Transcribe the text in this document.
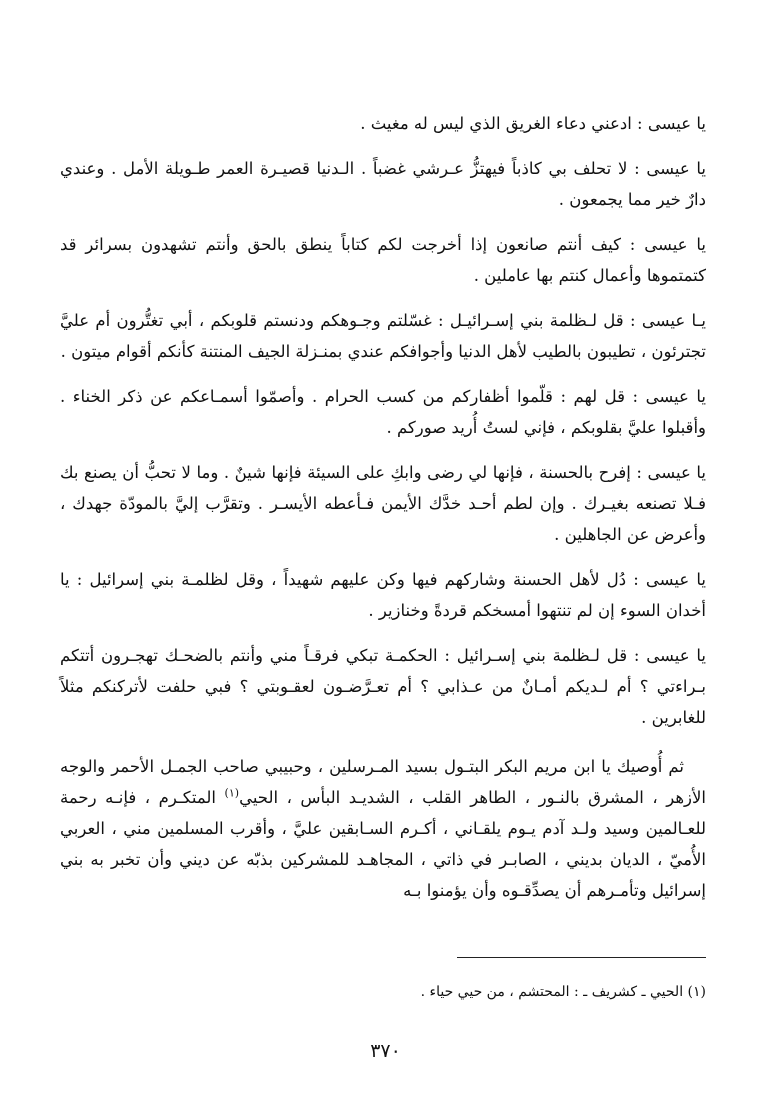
يا عيسى : ادعني دعاء الغريق الذي ليس له مغيث .

يا عيسى : لا تحلف بي كاذباً فيهتزُّ عـرشي غضباً . الـدنيا قصيـرة العمر طـويلة الأمل . وعندي دارٌ خير مما يجمعون .

يا عيسى : كيف أنتم صانعون إذا أخرجت لكم كتاباً ينطق بالحق وأنتم تشهدون بسرائر قد كتمتموها وأعمال كنتم بها عاملين .

يـا عيسى : قل لـظلمة بني إسـرائيـل : غسّلتم وجـوهكم ودنستم قلوبكم ، أبي تغتُّرون أم عليَّ تجترئون ، تطيبون بالطيب لأهل الدنيا وأجوافكم عندي بمنـزلة الجيف المنتنة كأنكم أقوام ميتون .

يا عيسى : قل لهم : قلّموا أظفاركم من كسب الحرام . وأصمّوا أسمـاعكم عن ذكر الخناء . وأقبلوا عليَّ بقلوبكم ، فإني لستُ أُريد صوركم .

يا عيسى : إفرح بالحسنة ، فإنها لي رضى وابكِ على السيئة فإنها شينٌ . وما لا تحبُّ أن يصنع بك فـلا تصنعه بغيـرك . وإن لطم أحـد خدَّك الأيمن فـأعطه الأيسـر . وتقرَّب إليَّ بالمودّة جهدك ، وأعرض عن الجاهلين .

يا عيسى : دُل لأهل الحسنة وشاركهم فيها وكن عليهم شهيداً ، وقل لظلمـة بني إسرائيل : يا أخدان السوء إن لم تنتهوا أمسخكم قردةً وخنازير .

يا عيسى : قل لـظلمة بني إسـرائيل : الحكمـة تبكي فرقـاً مني وأنتم بالضحـك تهجـرون أتتكم بـراءتي ؟ أم لـديكم أمـانٌ من عـذابي ؟ أم تعـرَّضـون لعقـوبتي ؟ فبي حلفت لأتركنكم مثلاً للغابرين .

ثم أُوصيك يا ابن مريم البكر البتـول بسيد المـرسلين ، وحبيبي صاحب الجمـل الأحمر والوجه الأزهر ، المشرق بالنـور ، الطاهر القلب ، الشديـد البأس ، الحيي$^{(١)}$ المتكـرم ، فإنـه رحمة للعـالمين وسيد ولـد آدم يـوم يلقـاني ، أكـرم السـابقين عليَّ ، وأقرب المسلمين مني ، العربي الأُميّ ، الديان بديني ، الصابـر في ذاتي ، المجاهـد للمشركين بذبّه عن ديني وأن تخبر به بني إسرائيل وتأمـرهم أن يصدِّقـوه وأن يؤمنوا بـه

(١) الحيي ـ كشريف ـ : المحتشم ، من حيي حياء .
٣٧٠
